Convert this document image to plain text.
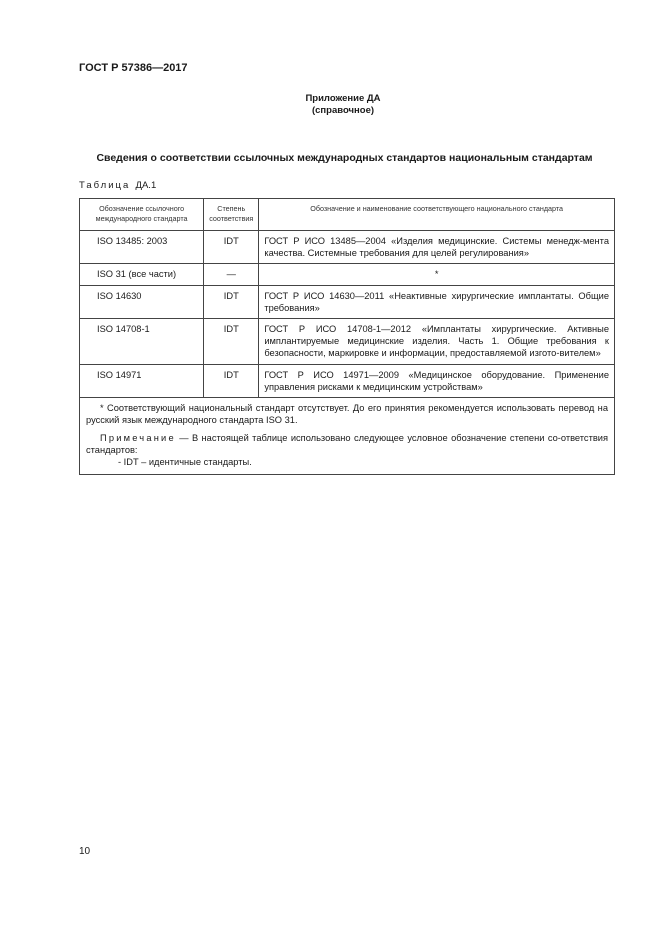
ГОСТ Р 57386—2017
Приложение ДА
(справочное)
Сведения о соответствии ссылочных международных стандартов национальным стандартам
Таблица ДА.1
Обозначение ссылочного международного стандарта	Степень соответствия	Обозначение и наименование соответствующего национального стандарта
ISO 13485: 2003	IDT	ГОСТ Р ИСО 13485—2004 «Изделия медицинские. Системы менедж-мента качества. Системные требования для целей регулирования»
ISO 31 (все части)	—	*
ISO 14630	IDT	ГОСТ Р ИСО 14630—2011 «Неактивные хирургические имплантаты. Общие требования»
ISO 14708-1	IDT	ГОСТ Р ИСО 14708-1—2012 «Имплантаты хирургические. Активные имплантируемые медицинские изделия. Часть 1. Общие требования к безопасности, маркировке и информации, предоставляемой изгото-вителем»
ISO 14971	IDT	ГОСТ Р ИСО 14971—2009 «Медицинское оборудование. Применение управления рисками к медицинским устройствам»

* Соответствующий национальный стандарт отсутствует. До его принятия рекомендуется использовать перевод на русский язык международного стандарта ISO 31.

Примечание — В настоящей таблице использовано следующее условное обозначение степени со-ответствия стандартов:

- IDT – идентичные стандарты.		
10
